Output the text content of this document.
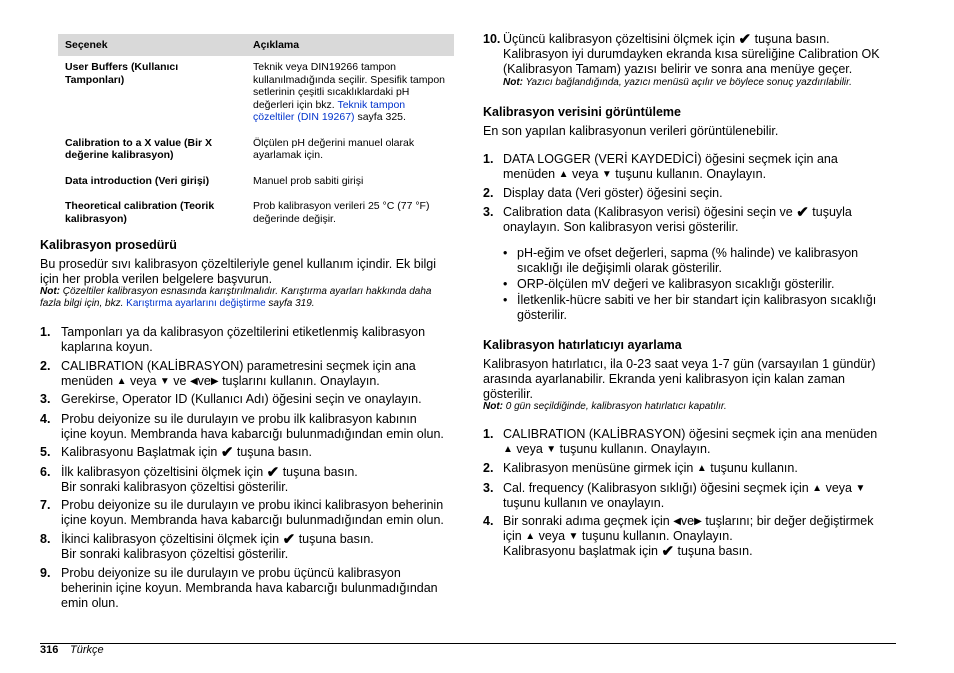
Seçenek	Açıklama
User Buffers (Kullanıcı Tamponları)	Teknik veya DIN19266 tampon kullanılmadığında seçilir. Spesifik tampon setlerinin çeşitli sıcaklıklardaki pH değerleri için bkz. Teknik tampon çözeltiler (DIN 19267) sayfa 325.
Calibration to a X value (Bir X değerine kalibrasyon)	Ölçülen pH değerini manuel olarak ayarlamak için.
Data introduction (Veri girişi)	Manuel prob sabiti girişi
Theoretical calibration (Teorik kalibrasyon)	Prob kalibrasyon verileri 25 °C (77 °F) değerinde değişir.
Kalibrasyon prosedürü

Bu prosedür sıvı kalibrasyon çözeltileriyle genel kullanım içindir. Ek bilgi için her probla verilen belgelere başvurun.

Not: Çözeltiler kalibrasyon esnasında karıştırılmalıdır. Karıştırma ayarları hakkında daha fazla bilgi için, bkz. Karıştırma ayarlarını değiştirme sayfa 319.

1. Tamponları ya da kalibrasyon çözeltilerini etiketlenmiş kalibrasyon
kaplarına koyun.
2. CALIBRATION (KALİBRASYON) parametresini seçmek için ana
menüden ▲ veya ▼ ve ◀ve▶ tuşlarını kullanın. Onaylayın.
3. Gerekirse, Operator ID (Kullanıcı Adı) öğesini seçin ve onaylayın.
4. Probu deiyonize su ile durulayın ve probu ilk kalibrasyon kabının
içine koyun. Membranda hava kabarcığı bulunmadığından emin olun.
5. Kalibrasyonu Başlatmak için ✔ tuşuna basın.
6. İlk kalibrasyon çözeltisini ölçmek için ✔ tuşuna basın.
Bir sonraki kalibrasyon çözeltisi gösterilir.
7. Probu deiyonize su ile durulayın ve probu ikinci kalibrasyon beherinin
içine koyun. Membranda hava kabarcığı bulunmadığından emin olun.
8. İkinci kalibrasyon çözeltisini ölçmek için ✔ tuşuna basın.
Bir sonraki kalibrasyon çözeltisi gösterilir.
9. Probu deiyonize su ile durulayın ve probu üçüncü kalibrasyon
beherinin içine koyun. Membranda hava kabarcığı bulunmadığından
emin olun.
10. Üçüncü kalibrasyon çözeltisini ölçmek için ✔ tuşuna basın.
Kalibrasyon iyi durumdayken ekranda kısa süreliğine Calibration OK
(Kalibrasyon Tamam) yazısı belirir ve sonra ana menüye geçer.

Not: Yazıcı bağlandığında, yazıcı menüsü açılır ve böylece sonuç yazdırılabilir.

Kalibrasyon verisini görüntüleme

En son yapılan kalibrasyonun verileri görüntülenebilir.

1. DATA LOGGER (VERİ KAYDEDİCİ) öğesini seçmek için ana
menüden ▲ veya ▼ tuşunu kullanın. Onaylayın.
2. Display data (Veri göster) öğesini seçin.
3. Calibration data (Kalibrasyon verisi) öğesini seçin ve ✔ tuşuyla
onaylayın. Son kalibrasyon verisi gösterilir.
• pH-eğim ve ofset değerleri, sapma (% halinde) ve kalibrasyon
sıcaklığı ile değişimli olarak gösterilir.
• ORP-ölçülen mV değeri ve kalibrasyon sıcaklığı gösterilir.
• İletkenlik-hücre sabiti ve her bir standart için kalibrasyon sıcaklığı
gösterilir.
Kalibrasyon hatırlatıcıyı ayarlama

Kalibrasyon hatırlatıcı, ila 0-23 saat veya 1-7 gün (varsayılan 1 gündür)

arasında ayarlanabilir. Ekranda yeni kalibrasyon için kalan zaman

gösterilir.

Not: 0 gün seçildiğinde, kalibrasyon hatırlatıcı kapatılır.

1. CALIBRATION (KALİBRASYON) öğesini seçmek için ana menüden
▲ veya ▼ tuşunu kullanın. Onaylayın.
2. Kalibrasyon menüsüne girmek için ▲ tuşunu kullanın.
3. Cal. frequency (Kalibrasyon sıklığı) öğesini seçmek için ▲ veya ▼
tuşunu kullanın ve onaylayın.
4. Bir sonraki adıma geçmek için ◀ve▶ tuşlarını; bir değer değiştirmek
için ▲ veya ▼ tuşunu kullanın. Onaylayın.
Kalibrasyonu başlatmak için ✔ tuşuna basın.
316 Türkçe
